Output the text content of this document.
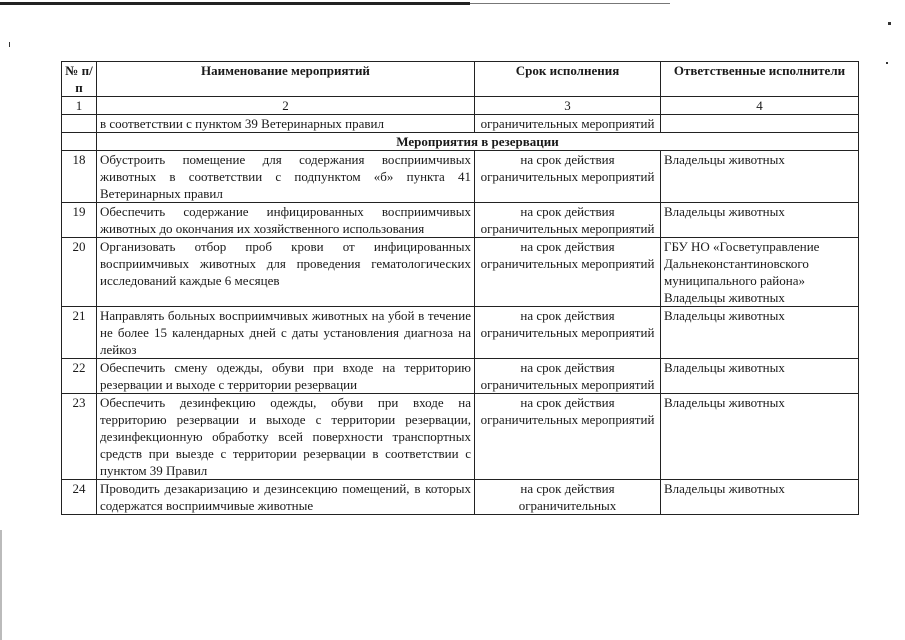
№ п/п	Наименование мероприятий	Срок исполнения	Ответственные исполнители
1	2	3	4
	в соответствии с пунктом 39 Ветеринарных правил	ограничительных мероприятий	
	Мероприятия в резервации		
18	Обустроить помещение для содержания восприимчивых животных в соответствии с подпунктом «б» пункта 41 Ветеринарных правил	на срок действия ограничительных мероприятий	Владельцы животных
19	Обеспечить содержание инфицированных восприимчивых животных до окончания их хозяйственного использования	на срок действия ограничительных мероприятий	Владельцы животных
20	Организовать отбор проб крови от инфицированных восприимчивых животных для проведения гематологических исследований каждые 6 месяцев	на срок действия ограничительных мероприятий	ГБУ НО «Госветуправление Дальнеконстантиновского муниципального района» Владельцы животных
21	Направлять больных восприимчивых животных на убой в течение не более 15 календарных дней с даты установления диагноза на лейкоз	на срок действия ограничительных мероприятий	Владельцы животных
22	Обеспечить смену одежды, обуви при входе на территорию резервации и выходе с территории резервации	на срок действия ограничительных мероприятий	Владельцы животных
23	Обеспечить дезинфекцию одежды, обуви при входе на территорию резервации и выходе с территории резервации, дезинфекционную обработку всей поверхности транспортных средств при выезде с территории резервации в соответствии с пунктом 39 Правил	на срок действия ограничительных мероприятий	Владельцы животных
24	Проводить дезакаризацию и дезинсекцию помещений, в которых содержатся восприимчивые животные	на срок действия ограничительных	Владельцы животных
